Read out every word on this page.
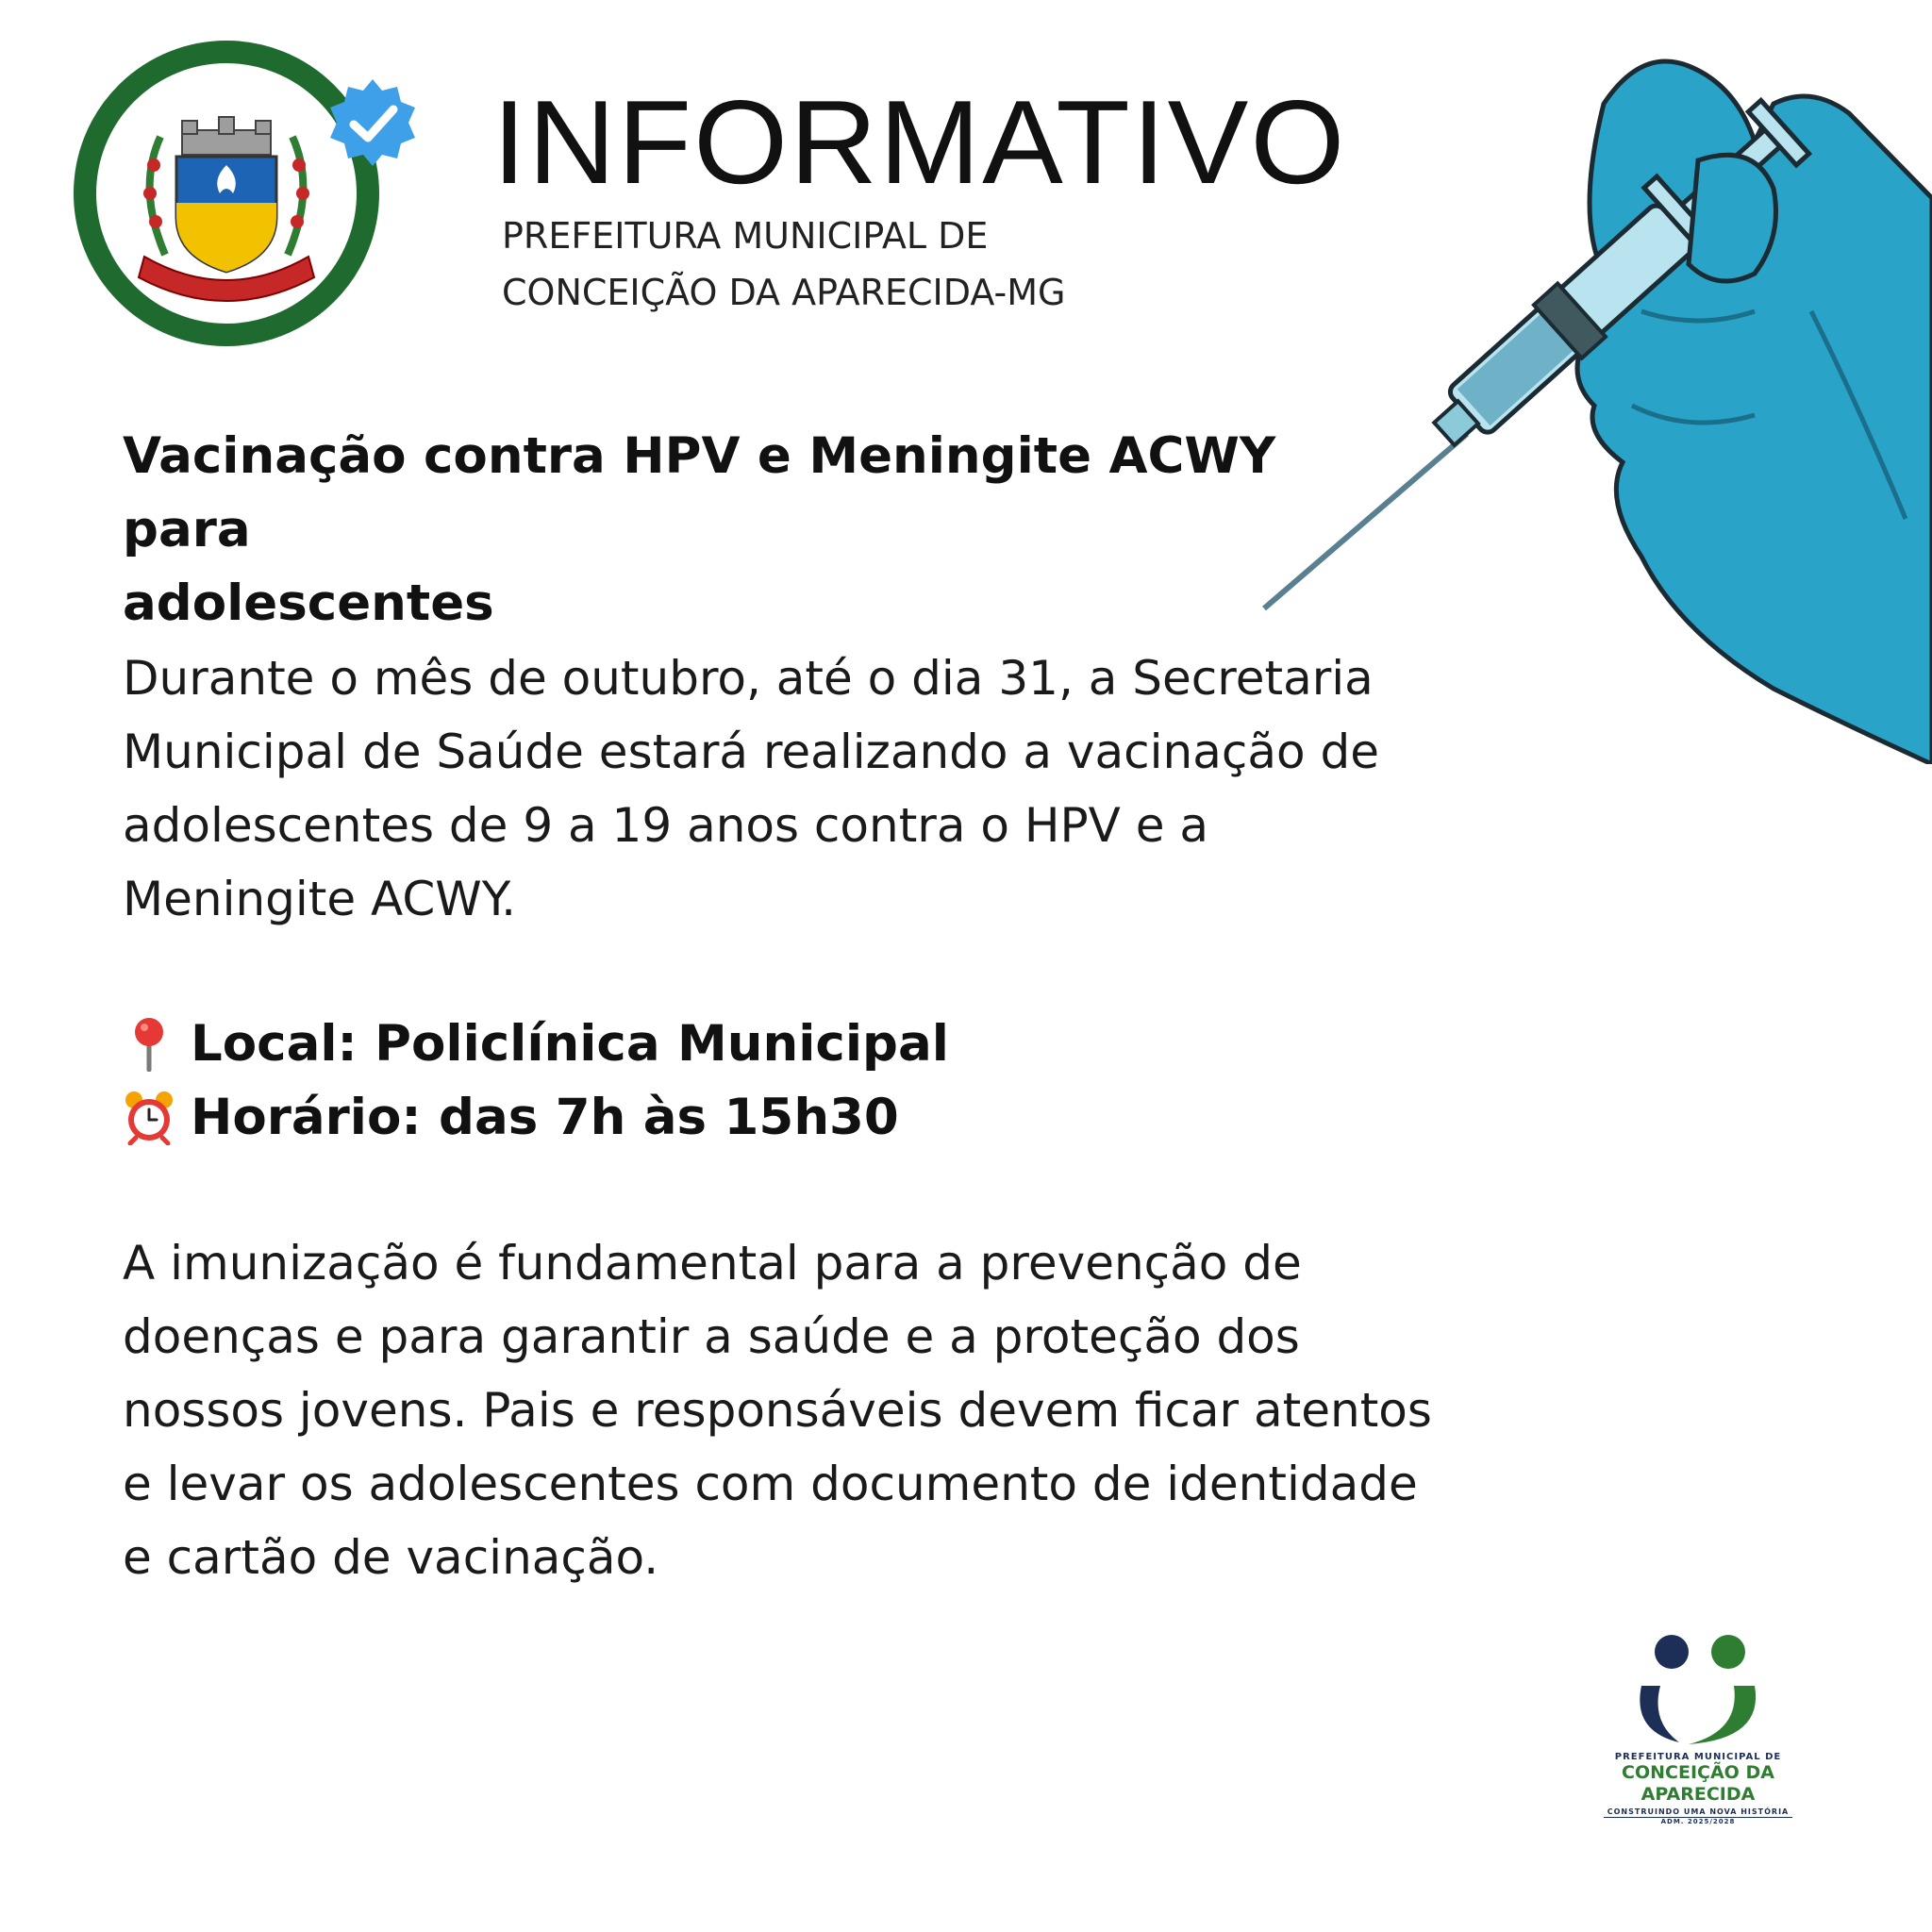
INFORMATIVO
PREFEITURA MUNICIPAL DE
CONCEIÇÃO DA APARECIDA-MG
Vacinação contra HPV e Meningite ACWY para
adolescentes
Durante o mês de outubro, até o dia 31, a Secretaria
Municipal de Saúde estará realizando a vacinação de
adolescentes de 9 a 19 anos contra o HPV e a
Meningite ACWY.
Local: Policlínica Municipal
Horário: das 7h às 15h30
A imunização é fundamental para a prevenção de
doenças e para garantir a saúde e a proteção dos
nossos jovens. Pais e responsáveis devem ficar atentos
e levar os adolescentes com documento de identidade
e cartão de vacinação.
PREFEITURA MUNICIPAL DE
CONCEIÇÃO DA
APARECIDA
CONSTRUINDO UMA NOVA HISTÓRIA
ADM. 2025/2028
